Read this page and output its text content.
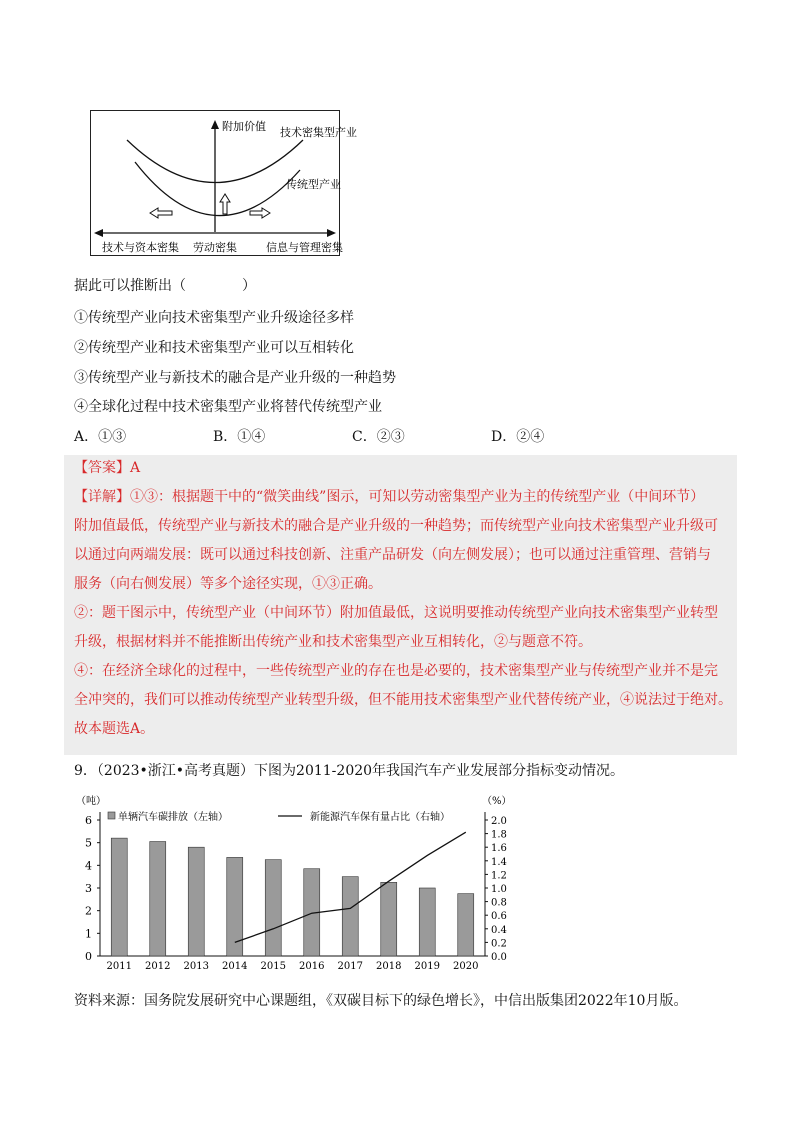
附加价值 技术密集型产业
传统型产业
技术与资本密集 劳动密集	信息与管理密集
据此可以推断出（　　　　）
①传统型产业向技术密集型产业升级途径多样
②传统型产业和技术密集型产业可以互相转化
③传统型产业与新技术的融合是产业升级的一种趋势
④全球化过程中技术密集型产业将替代传统型产业
A．①③	B．①④	C．②③	D．②④
【答案】A
【详解】①③：根据题干中的“微笑曲线”图示，可知以劳动密集型产业为主的传统型产业（中间环节）
附加值最低，传统型产业与新技术的融合是产业升级的一种趋势；而传统型产业向技术密集型产业升级可
以通过向两端发展：既可以通过科技创新、注重产品研发（向左侧发展）；也可以通过注重管理、营销与
服务（向右侧发展）等多个途径实现，①③正确。
②：题干图示中，传统型产业（中间环节）附加值最低，这说明要推动传统型产业向技术密集型产业转型
升级，根据材料并不能推断出传统产业和技术密集型产业互相转化，②与题意不符。
④：在经济全球化的过程中，一些传统型产业的存在也是必要的，技术密集型产业与传统型产业并不是完
全冲突的，我们可以推动传统型产业转型升级，但不能用技术密集型产业代替传统产业，④说法过于绝对。
故本题选A。
9．（2023•浙江•高考真题）下图为2011-2020年我国汽车产业发展部分指标变动情况。
0
1
2
3
4
5
6
0.0
0.2
0.4
0.6
0.8
1.0
1.2
1.4
1.6
1.8
2.0
2011 2012 2013 2014 2015 2016 2017 2018 2019 2020
（吨）	（%）
单辆汽车碳排放（左轴）	新能源汽车保有量占比（右轴）
资料来源：国务院发展研究中心课题组，《双碳目标下的绿色增长》，中信出版集团2022年10月版。
